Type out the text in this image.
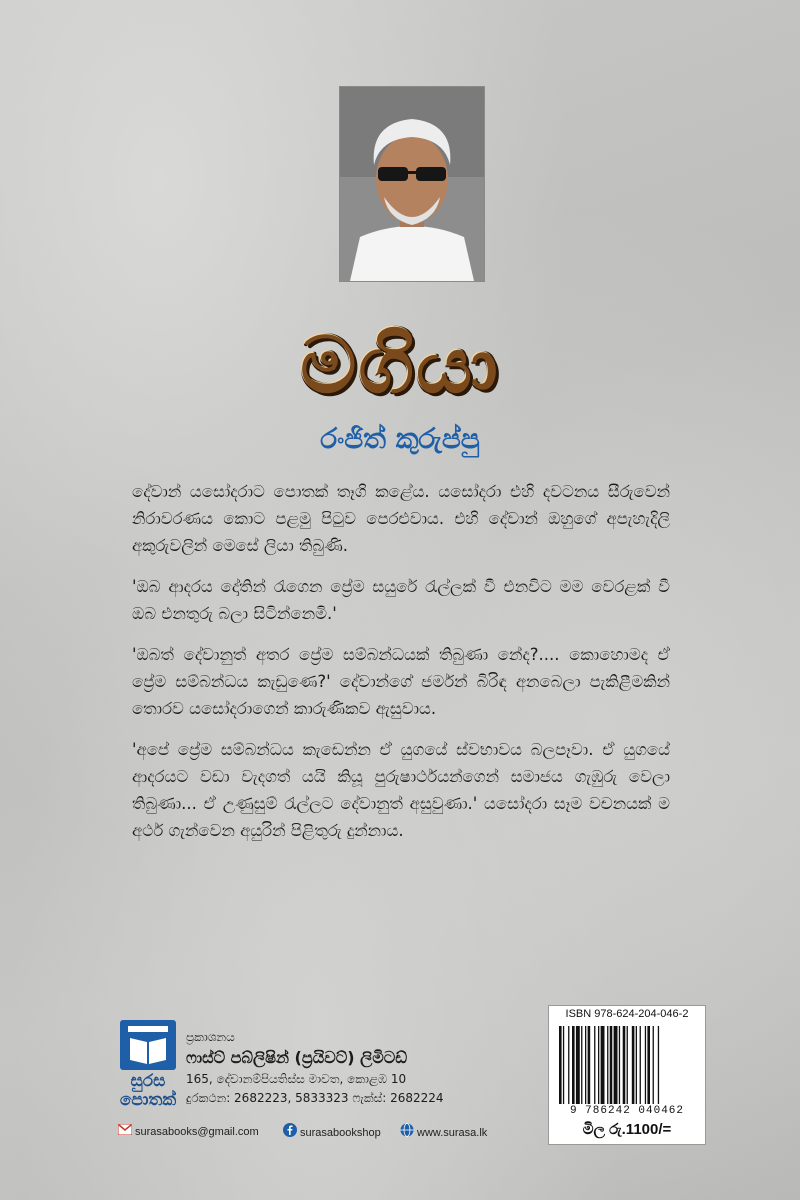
මගියා
රංජිත් කුරුප්පු

දේවාන් යසෝදරාට පොතක් තෑගි කළේය. යසෝදරා එහි දවටනය සීරුවෙන් නිරාවරණය කොට පළමු පිටුව පෙරළුවාය. එහි දේවාන් ඔහුගේ අපැහැදිලි අකුරුවලින් මෙසේ ලියා තිබුණි.

'ඔබ ආදරය දෝතින් රැගෙන ප්‍රේම සයුරේ රැල්ලක් වී එනවිට මම වෙරළක් වී ඔබ එනතුරු බලා සිටින්නෙමි.'

'ඔබත් දේවානුත් අතර ප්‍රේම සම්බන්ධයක් තිබුණා නේද?.... කොහොමද ඒ ප්‍රේම සම්බන්ධය කැඩුණෙ?' දේවාන්ගේ ජර්මන් බිරිඳ අනබෙලා පැකිළීමකින් තොරව යසෝදරාගෙන් කාරුණිකව ඇසුවාය.

'අපේ ප්‍රේම සම්බන්ධය කැඩෙන්න ඒ යුගයේ ස්වභාවය බලපෑවා. ඒ යුගයේ ආදරයට වඩා වැදගත් යයි කියූ පුරුෂාර්ථයන්ගෙන් සමාජය ගැඹුරු වෙලා තිබුණා... ඒ උණුසුම් රැල්ලට දේවානුත් අසුවුණා.' යසෝදරා සෑම වචනයක් ම අර්ථ ගැන්වෙන අයුරින් පිළිතුරු දුන්නාය.

සුරස
පොතක්
ප්‍රකාශනය
ෆාස්ට් පබ්ලිෂින් (ප්‍රයිවට්) ලිමිටඩ්
165, දේවානම්පියතිස්ස මාවත, කොළඹ 10
දුරකථන: 2682223, 5833323 ෆැක්ස්: 2682224
surasabooks@gmail.com	surasabookshop	www.surasa.lk
ISBN 978-624-204-046-2
9 786242 040462
මිල රු.1100/=
